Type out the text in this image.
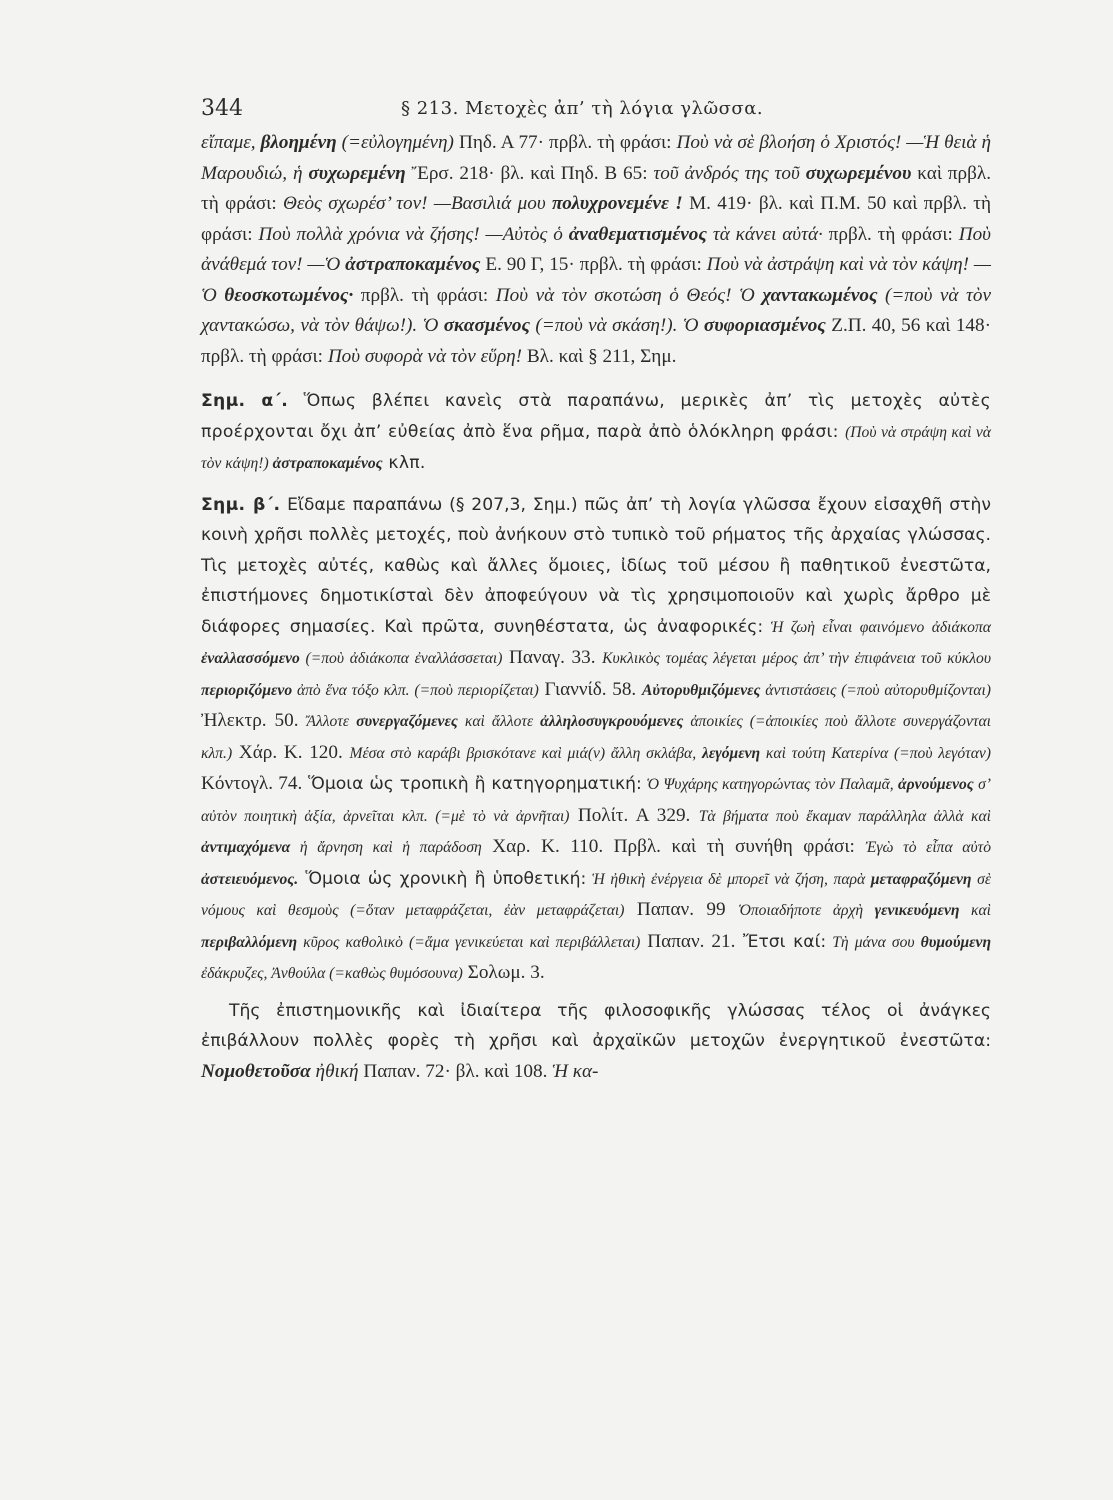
344	§ 213. Μετοχὲς ἀπ’ τὴ λόγια γλῶσσα.

εἴπαμε, βλοημένη (=εὐλογημένη) Πηδ. Α 77· πρβλ. τὴ φράσι: Ποὺ νὰ σὲ βλοήση ὁ Χριστός! —Ἡ θειὰ ἡ Μαρουδιώ, ἡ συχωρεμένη Ἔρσ. 218· βλ. καὶ Πηδ. Β 65: τοῦ ἀνδρός της τοῦ συχωρεμένου καὶ πρβλ. τὴ φράσι: Θεὸς σχωρέσ’ τον! —Βασιλιά μου πολυχρονεμένε ! Μ. 419· βλ. καὶ Π.Μ. 50 καὶ πρβλ. τὴ φράσι: Ποὺ πολλὰ χρόνια νὰ ζήσης! —Αὐτὸς ὁ ἀναθεματισμένος τὰ κάνει αὐτά· πρβλ. τὴ φράσι: Ποὺ ἀνάθεμά τον! —Ὁ ἀστραποκαμένος Ε. 90 Γ, 15· πρβλ. τὴ φράσι: Ποὺ νὰ ἀστράψη καὶ νὰ τὸν κάψη! —Ὁ θεοσκοτωμένος· πρβλ. τὴ φράσι: Ποὺ νὰ τὸν σκοτώση ὁ Θεός! Ὁ χαντακωμένος (=ποὺ νὰ τὸν χαντακώσω, νὰ τὸν θάψω!). Ὁ σκασμένος (=ποὺ νὰ σκάση!). Ὁ συφοριασμένος Ζ.Π. 40, 56 καὶ 148· πρβλ. τὴ φράσι: Ποὺ συφορὰ νὰ τὸν εὕρη! Βλ. καὶ § 211, Σημ.

Σημ. α΄. Ὅπως βλέπει κανεὶς στὰ παραπάνω, μερικὲς ἀπ’ τὶς μετοχὲς αὐτὲς προέρχονται ὄχι ἀπ’ εὐθείας ἀπὸ ἕνα ρῆμα, παρὰ ἀπὸ ὁλόκληρη φράσι: (Ποὺ νὰ στράψη καὶ νὰ τὸν κάψη!) ἀστραποκαμένος κλπ.

Σημ. β΄. Εἴδαμε παραπάνω (§ 207,3, Σημ.) πῶς ἀπ’ τὴ λογία γλῶσσα ἔχουν εἰσαχθῆ στὴν κοινὴ χρῆσι πολλὲς μετοχές, ποὺ ἀνήκουν στὸ τυπικὸ τοῦ ρήματος τῆς ἀρχαίας γλώσσας. Τὶς μετοχὲς αὐτές, καθὼς καὶ ἄλλες ὅμοιες, ἰδίως τοῦ μέσου ἢ παθητικοῦ ἐνεστῶτα, ἐπιστήμονες δημοτικίσταὶ δὲν ἀποφεύγουν νὰ τὶς χρησιμοποιοῦν καὶ χωρὶς ἄρθρο μὲ διάφορες σημασίες. Καὶ πρῶτα, συνηθέστατα, ὡς ἀναφορικές: Ἡ ζωὴ εἶναι φαινόμενο ἀδιάκοπα ἐναλλασσόμενο (=ποὺ ἀδιάκοπα ἐναλλάσσεται) Παναγ. 33. Κυκλικὸς τομέας λέγεται μέρος ἀπ’ τὴν ἐπιφάνεια τοῦ κύκλου περιοριζόμενο ἀπὸ ἕνα τόξο κλπ. (=ποὺ περιορίζεται) Γιαννίδ. 58. Αὐτορυθμιζόμενες ἀντιστάσεις (=ποὺ αὐτορυθμίζονται) Ἠλεκτρ. 50. Ἄλλοτε συνεργαζόμενες καὶ ἄλλοτε ἀλληλοσυγκρουόμενες ἀποικίες (=ἀποικίες ποὺ ἄλλοτε συνεργάζονται κλπ.) Χάρ. Κ. 120. Μέσα στὸ καράβι βρισκότανε καὶ μιά(ν) ἄλλη σκλάβα, λεγόμενη καὶ τούτη Κατερίνα (=ποὺ λεγόταν) Κόντογλ. 74. Ὅμοια ὡς τροπικὴ ἢ κατηγορηματική: Ὁ Ψυχάρης κατηγορώντας τὸν Παλαμᾶ, ἀρνούμενος σ’ αὐτὸν ποιητικὴ ἀξία, ἀρνεῖται κλπ. (=μὲ τὸ νὰ ἀρνῆται) Πολίτ. Α 329. Τὰ βήματα ποὺ ἔκαμαν παράλληλα ἀλλὰ καὶ ἀντιμαχόμενα ἡ ἄρνηση καὶ ἡ παράδοση Χαρ. Κ. 110. Πρβλ. καὶ τὴ συνήθη φράσι: Ἐγὼ τὸ εἶπα αὐτὸ ἀστειευόμενος. Ὅμοια ὡς χρονικὴ ἢ ὑποθετική: Ἡ ἠθικὴ ἐνέργεια δὲ μπορεῖ νὰ ζήση, παρὰ μεταφραζόμενη σὲ νόμους καὶ θεσμοὺς (=ὅταν μεταφράζεται, ἐὰν μεταφράζεται) Παπαν. 99 Ὁποιαδήποτε ἀρχὴ γενικευόμενη καὶ περιβαλλόμενη κῦρος καθολικὸ (=ἅμα γενικεύεται καὶ περιβάλλεται) Παπαν. 21. Ἔτσι καί: Τὴ μάνα σου θυμούμενη ἐδάκρυζες, Ἀνθούλα (=καθὼς θυμόσουνα) Σολωμ. 3.

Τῆς ἐπιστημονικῆς καὶ ἰδιαίτερα τῆς φιλοσοφικῆς γλώσσας τέλος οἱ ἀνάγκες ἐπιβάλλουν πολλὲς φορὲς τὴ χρῆσι καὶ ἀρχαϊκῶν μετοχῶν ἐνεργητικοῦ ἐνεστῶτα: Νομοθετοῦσα ἠθική Παπαν. 72· βλ. καὶ 108. Ἡ κα-
